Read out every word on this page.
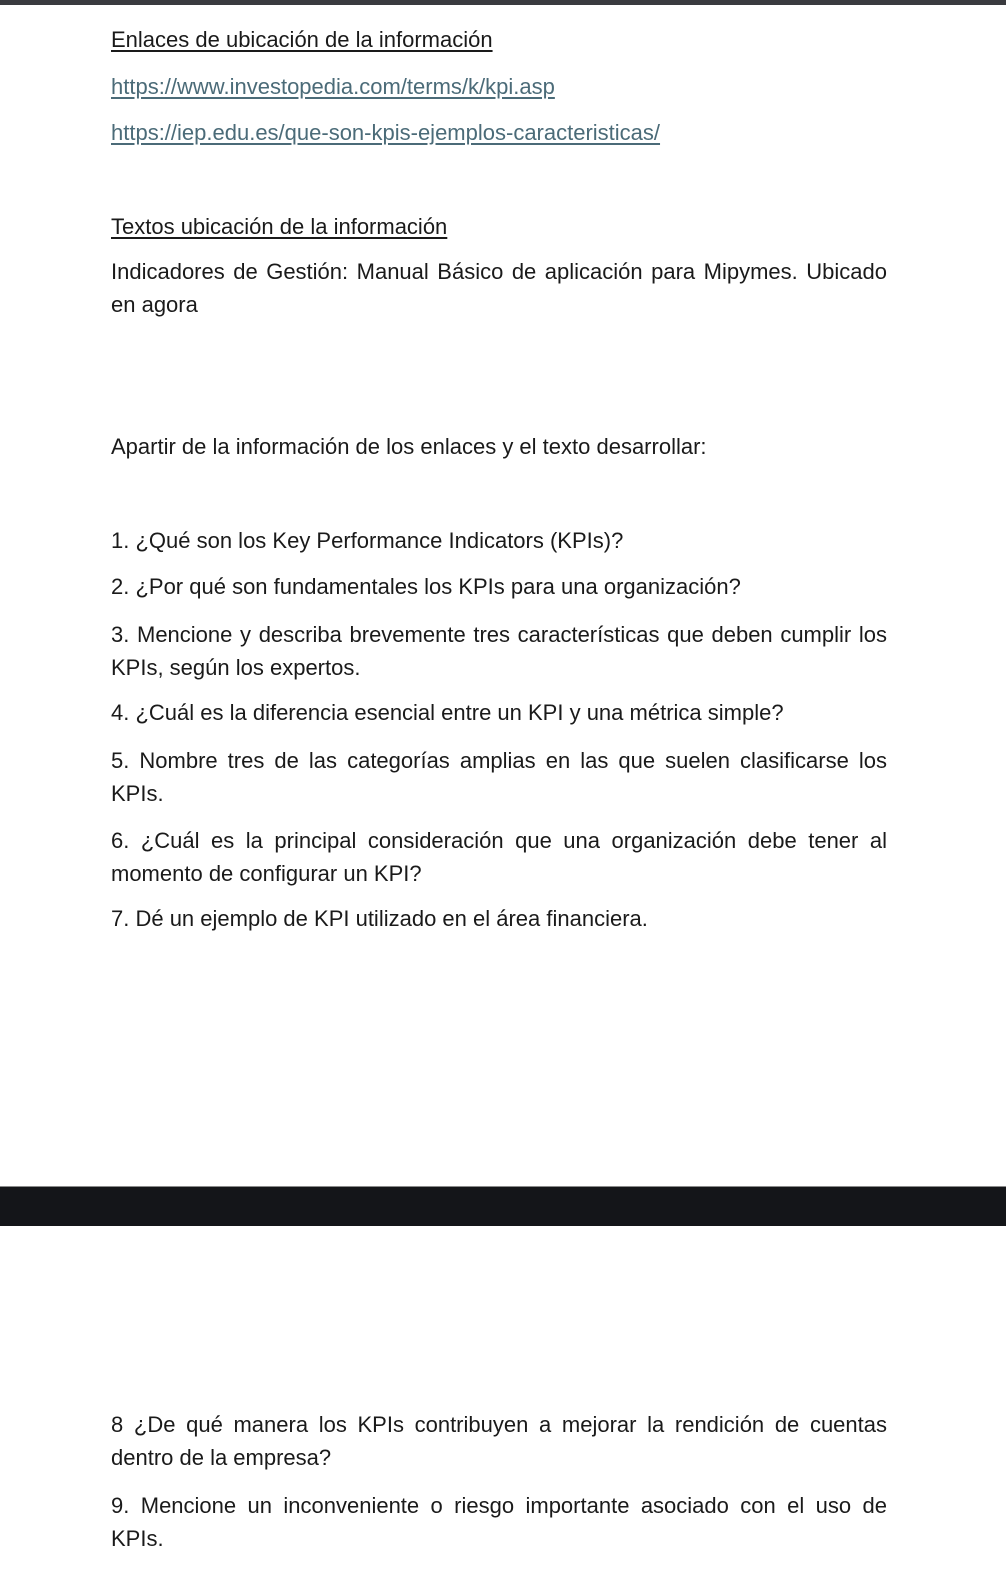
Enlaces de ubicación de la información
https://www.investopedia.com/terms/k/kpi.asp
https://iep.edu.es/que-son-kpis-ejemplos-caracteristicas/
Textos ubicación de la información
Indicadores de Gestión: Manual Básico de aplicación para Mipymes. Ubicado en agora
Apartir de la información de los enlaces y el texto desarrollar:
1. ¿Qué son los Key Performance Indicators (KPIs)?
2. ¿Por qué son fundamentales los KPIs para una organización?
3. Mencione y describa brevemente tres características que deben cumplir los KPIs, según los expertos.
4. ¿Cuál es la diferencia esencial entre un KPI y una métrica simple?
5. Nombre tres de las categorías amplias en las que suelen clasificarse los KPIs.
6. ¿Cuál es la principal consideración que una organización debe tener al momento de configurar un KPI?
7. Dé un ejemplo de KPI utilizado en el área financiera.
8 ¿De qué manera los KPIs contribuyen a mejorar la rendición de cuentas dentro de la empresa?
9. Mencione un inconveniente o riesgo importante asociado con el uso de KPIs.
